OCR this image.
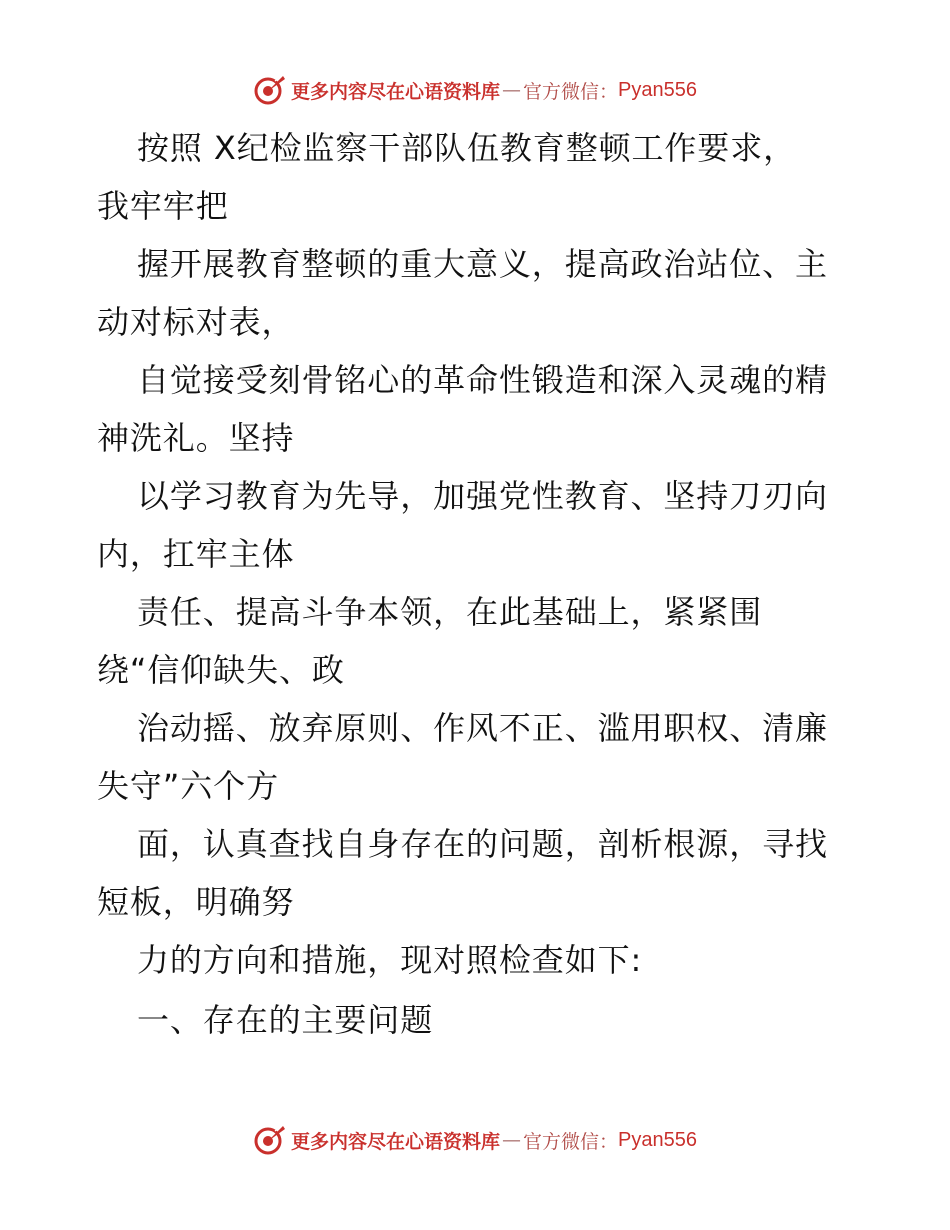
更多内容尽在心语资料库 — 官方微信： Pyan556
按照 X纪检监察干部队伍教育整顿工作要求，
我牢牢把
握开展教育整顿的重大意义，提高政治站位、主
动对标对表，
自觉接受刻骨铭心的革命性锻造和深入灵魂的精
神洗礼。坚持
以学习教育为先导，加强党性教育、坚持刀刃向
内，扛牢主体
责任、提高斗争本领，在此基础上，紧紧围
绕“信仰缺失、政
治动摇、放弃原则、作风不正、滥用职权、清廉
失守”六个方
面，认真查找自身存在的问题，剖析根源，寻找
短板，明确努
力的方向和措施，现对照检查如下:
一、存在的主要问题
更多内容尽在心语资料库 — 官方微信： Pyan556
